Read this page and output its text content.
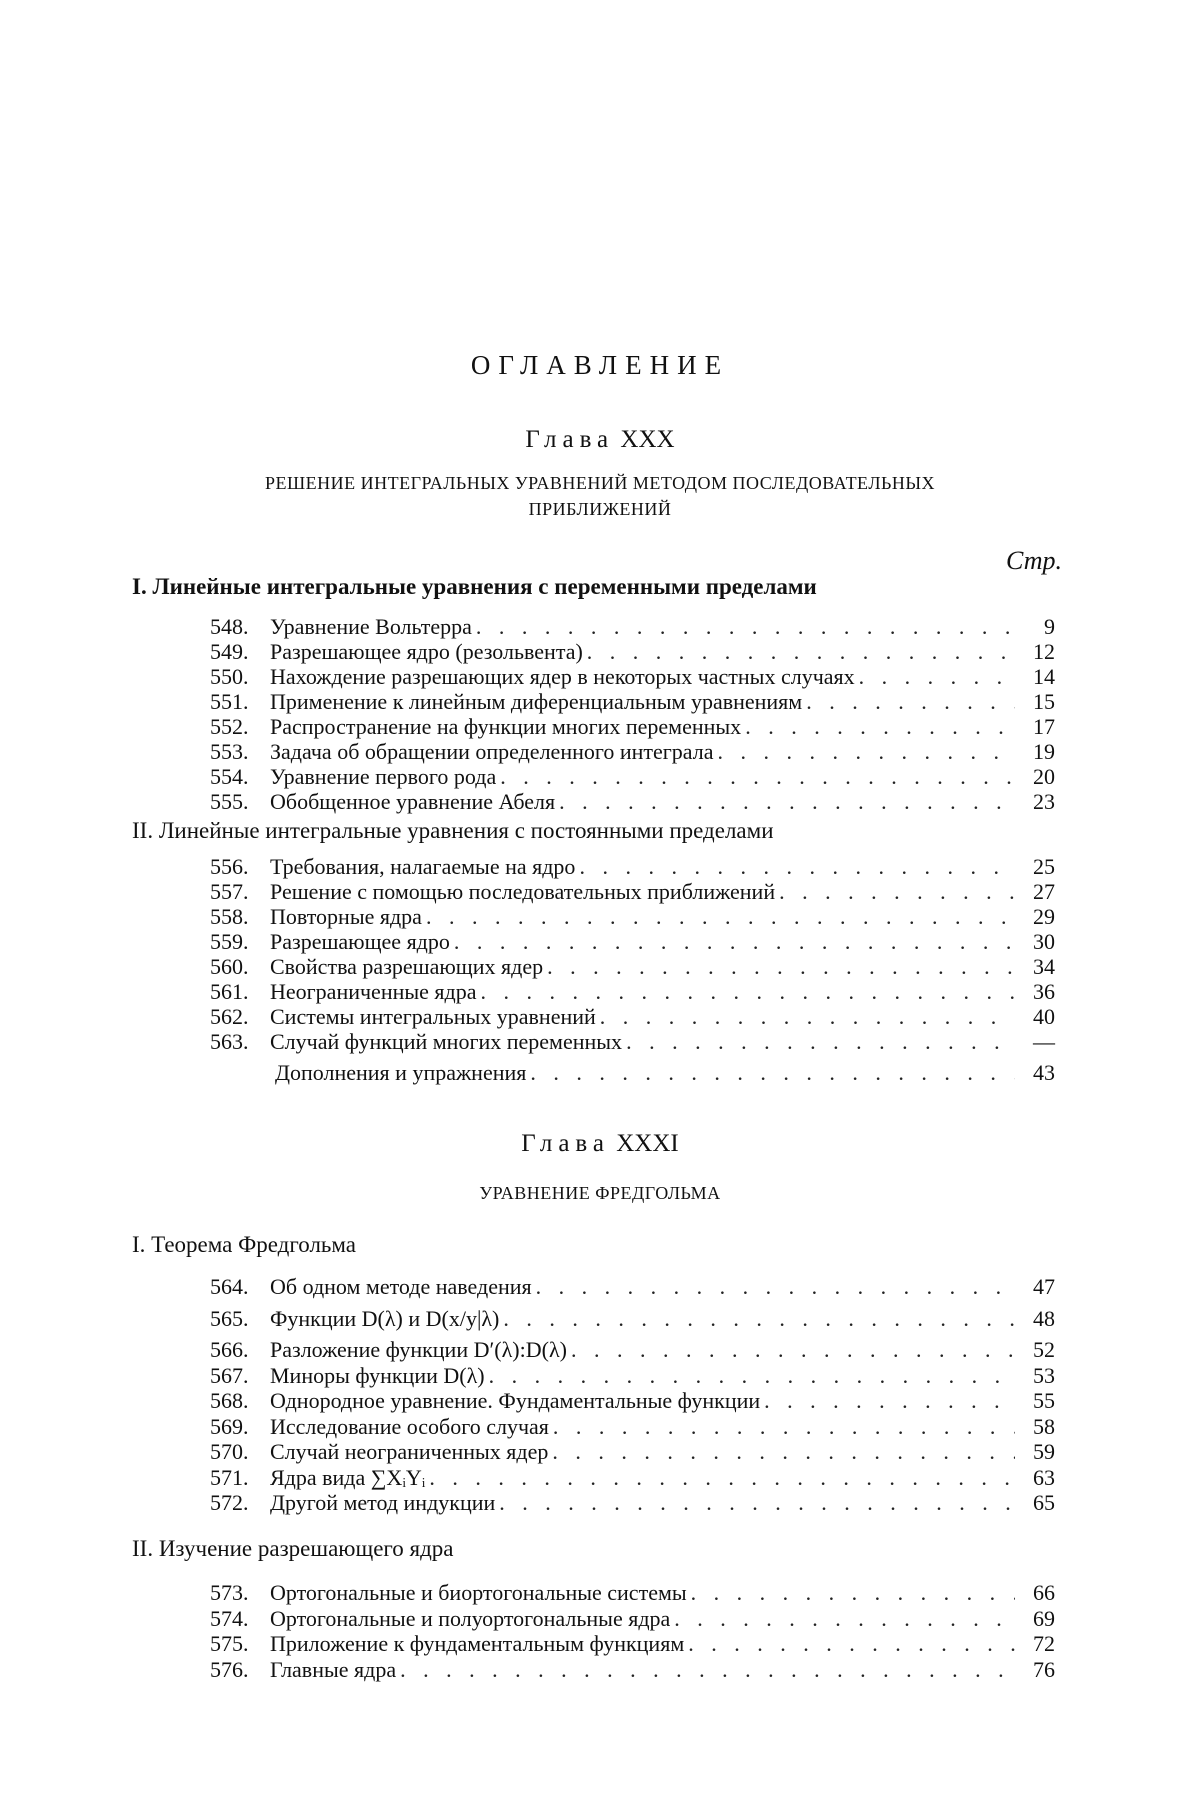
ОГЛАВЛЕНИЕ
Глава XXX
РЕШЕНИЕ ИНТЕГРАЛЬНЫХ УРАВНЕНИЙ МЕТОДОМ ПОСЛЕДОВАТЕЛЬНЫХ
ПРИБЛИЖЕНИЙ
Стр.
I. Линейные интегральные уравнения с переменными пределами
548. Уравнение Вольтерра . . .	9
549. Разрешающее ядро (резольвента) . . .	12
550. Нахождение разрешающих ядер в некоторых частных случаях . . .	14
551. Применение к линейным диференциальным уравнениям . . .	15
552. Распространение на функции многих переменных . . .	17
553. Задача об обращении определенного интеграла . . .	19
554. Уравнение первого рода . . .	20
555. Обобщенное уравнение Абеля . . .	23
II. Линейные интегральные уравнения с постоянными пределами
556. Требования, налагаемые на ядро . . .	25
557. Решение с помощью последовательных приближений . . .	27
558. Повторные ядра . . .	29
559. Разрешающее ядро . . .	30
560. Свойства разрешающих ядер . . .	34
561. Неограниченные ядра . . .	36
562. Системы интегральных уравнений . . .	40
563. Случай функций многих переменных . . .	—
Дополнения и упражнения . . .	43
Глава XXXI
УРАВНЕНИЕ ФРЕДГОЛЬМА
I. Теорема Фредгольма
564. Об одном методе наведения . . .	47
565. Функции D(λ) и D(x/y|λ) . . .	48
566. Разложение функции D′(λ):D(λ) . . .	52
567. Миноры функции D(λ) . . .	53
568. Однородное уравнение. Фундаментальные функции . . .	55
569. Исследование особого случая . . .	58
570. Случай неограниченных ядер . . .	59
571. Ядра вида ∑XᵢYᵢ . . .	63
572. Другой метод индукции . . .	65
II. Изучение разрешающего ядра
573. Ортогональные и биортогональные системы . . .	66
574. Ортогональные и полуортогональные ядра . . .	69
575. Приложение к фундаментальным функциям . . .	72
576. Главные ядра . . .	76
